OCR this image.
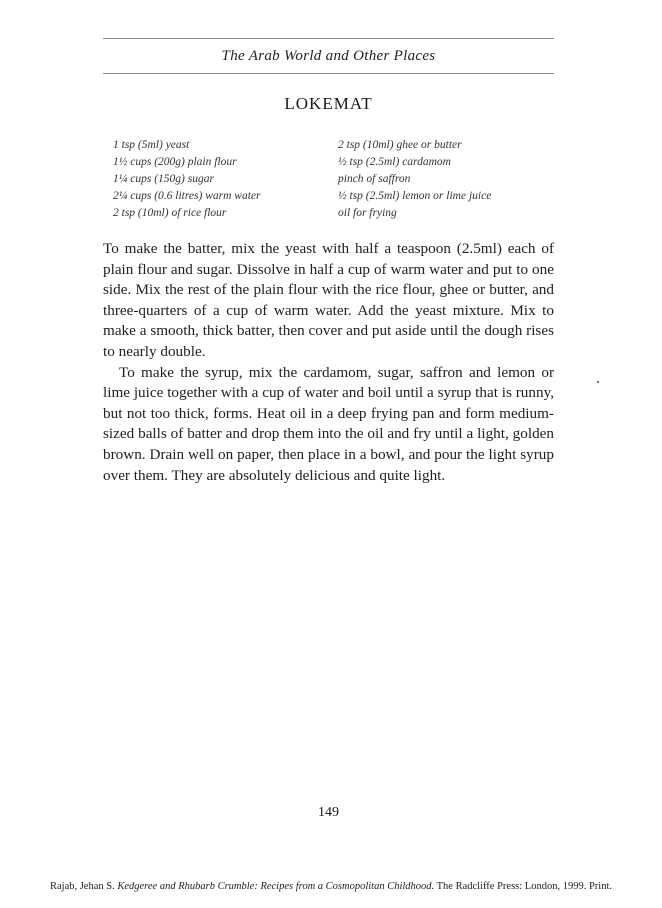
The Arab World and Other Places
LOKEMAT
1 tsp (5ml) yeast
1½ cups (200g) plain flour
1¼ cups (150g) sugar
2¼ cups (0.6 litres) warm water
2 tsp (10ml) of rice flour
2 tsp (10ml) ghee or butter
½ tsp (2.5ml) cardamom
pinch of saffron
½ tsp (2.5ml) lemon or lime juice
oil for frying

To make the batter, mix the yeast with half a teaspoon (2.5ml) each of plain flour and sugar. Dissolve in half a cup of warm water and put to one side. Mix the rest of the plain flour with the rice flour, ghee or butter, and three-quarters of a cup of warm water. Add the yeast mixture. Mix to make a smooth, thick batter, then cover and put aside until the dough rises to nearly double.

To make the syrup, mix the cardamom, sugar, saffron and lemon or lime juice together with a cup of water and boil until a syrup that is runny, but not too thick, forms. Heat oil in a deep frying pan and form medium-sized balls of batter and drop them into the oil and fry until a light, golden brown. Drain well on paper, then place in a bowl, and pour the light syrup over them. They are absolutely delicious and quite light.

149
Rajab, Jehan S. Kedgeree and Rhubarb Crumble: Recipes from a Cosmopolitan Childhood. The Radcliffe Press: London, 1999. Print.
